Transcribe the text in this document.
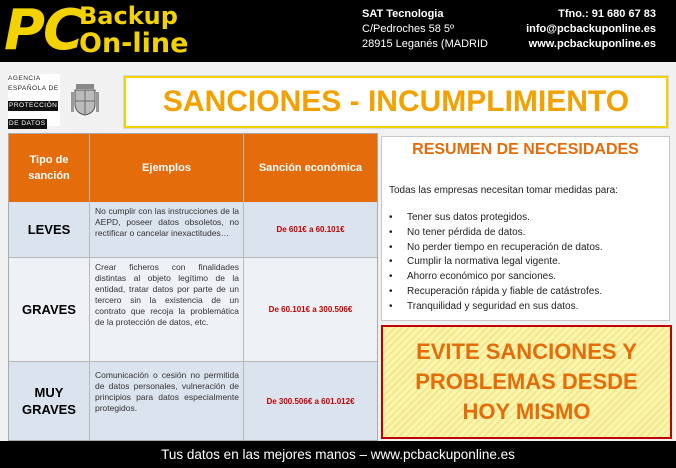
PC
Backup
On-line
SAT Tecnologia
C/Pedroches 58 5º
28915 Leganés (MADRID
Tfno.: 91 680 67 83
info@pcbackuponline.es
www.pcbackuponline.es
AGENCIA
ESPAÑOLA DE
PROTECCIÓN
DE DATOS
SANCIONES - INCUMPLIMIENTO
Tipo de sanción
Ejemplos	Sanción económica
LEVES
No cumplir con las instrucciones de la AEPD, poseer datos obsoletos, no rectificar o cancelar inexactitudes…	De 601€ a 60.101€
GRAVES
Crear ficheros con finalidades distintas al objeto legítimo de la entidad, tratar datos por parte de un tercero sin la existencia de un contrato que recoja la problemática de la protección de datos, etc.
De 60.101€ a 300.506€
MUY GRAVES
Comunicación o cesión no permitida de datos personales, vulneración de principios para datos especialmente protegidos.
De 300.506€ a 601.012€
RESUMEN DE NECESIDADES
Todas las empresas necesitan tomar medidas para:
• Tener sus datos protegidos.
• No tener pérdida de datos.
• No perder tiempo en recuperación de datos.
• Cumplir la normativa legal vigente.
• Ahorro económico por sanciones.
• Recuperación rápida y fiable de catástrofes.
• Tranquilidad y seguridad en sus datos.
EVITE SANCIONES Y
PROBLEMAS DESDE
HOY MISMO
Tus datos en las mejores manos – www.pcbackuponline.es
